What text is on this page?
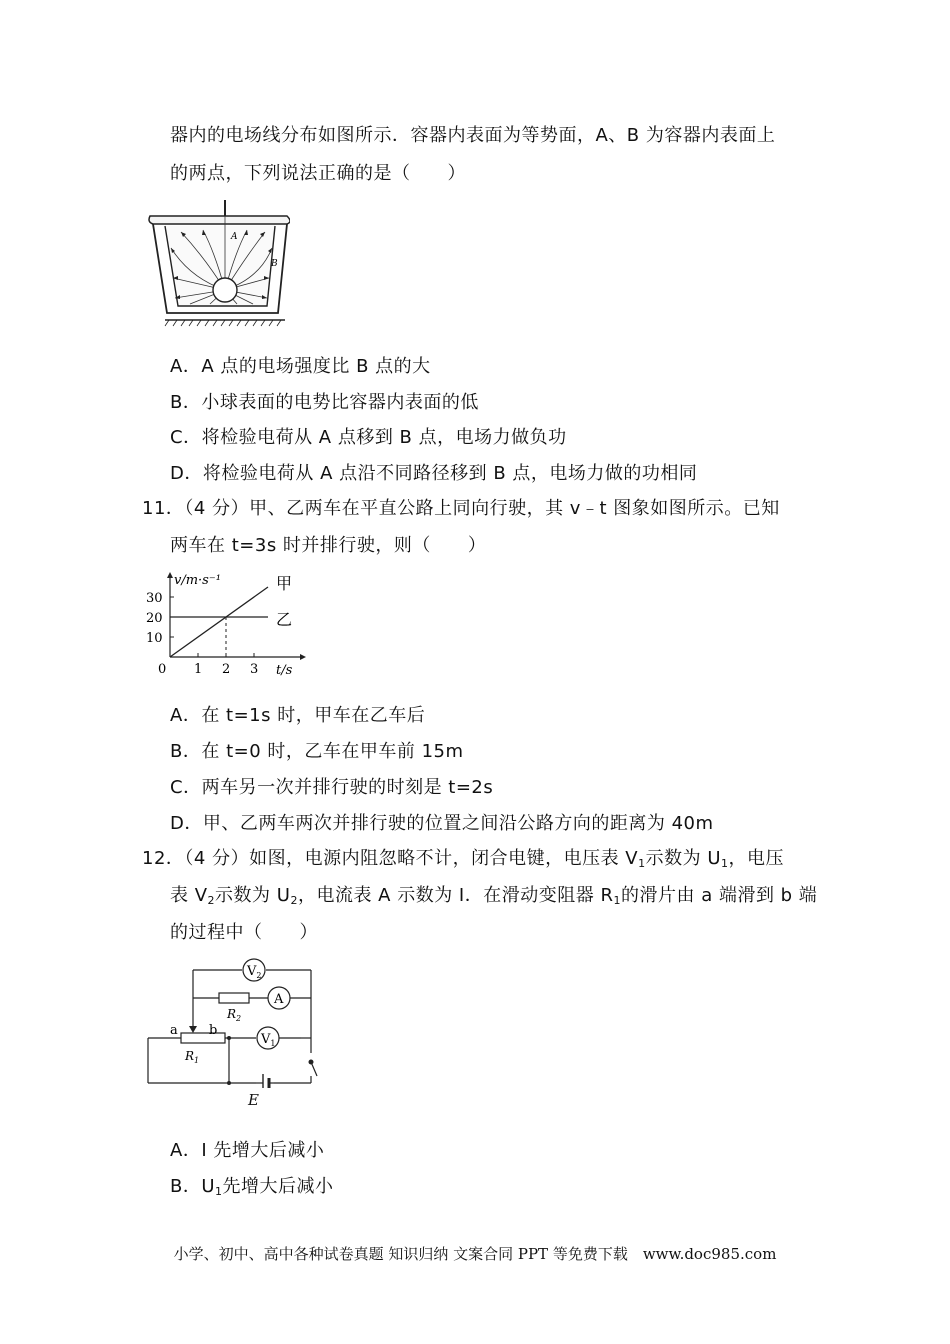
器内的电场线分布如图所示．容器内表面为等势面，A、B 为容器内表面上
的两点，下列说法正确的是（　　）
A
B
A．A 点的电场强度比 B 点的大
B．小球表面的电势比容器内表面的低
C．将检验电荷从 A 点移到 B 点，电场力做负功
D．将检验电荷从 A 点沿不同路径移到 B 点，电场力做的功相同
11．（4 分）甲、乙两车在平直公路上同向行驶，其 v﹣t 图象如图所示。已知
两车在 t=3s 时并排行驶，则（　　）
0 1 2 3
10
20
30
甲
乙
v/m·s⁻¹
t/s
A．在 t=1s 时，甲车在乙车后
B．在 t=0 时，乙车在甲车前 15m
C．两车另一次并排行驶的时刻是 t=2s
D．甲、乙两车两次并排行驶的位置之间沿公路方向的距离为 40m
12．（4 分）如图，电源内阻忽略不计，闭合电键，电压表 $V_1$示数为 $U_1$，电压
表 $V_2$示数为 $U_2$，电流表 A 示数为 I．在滑动变阻器 $R_1$的滑片由 a 端滑到 b 端
的过程中（　　）
$V_2$
A
$V_1$
$R_2$
$R_1$
a b
E
A．I 先增大后减小
B．$U_1$先增大后减小
小学、初中、高中各种试卷真题 知识归纳 文案合同 PPT 等免费下载　www.doc985.com
